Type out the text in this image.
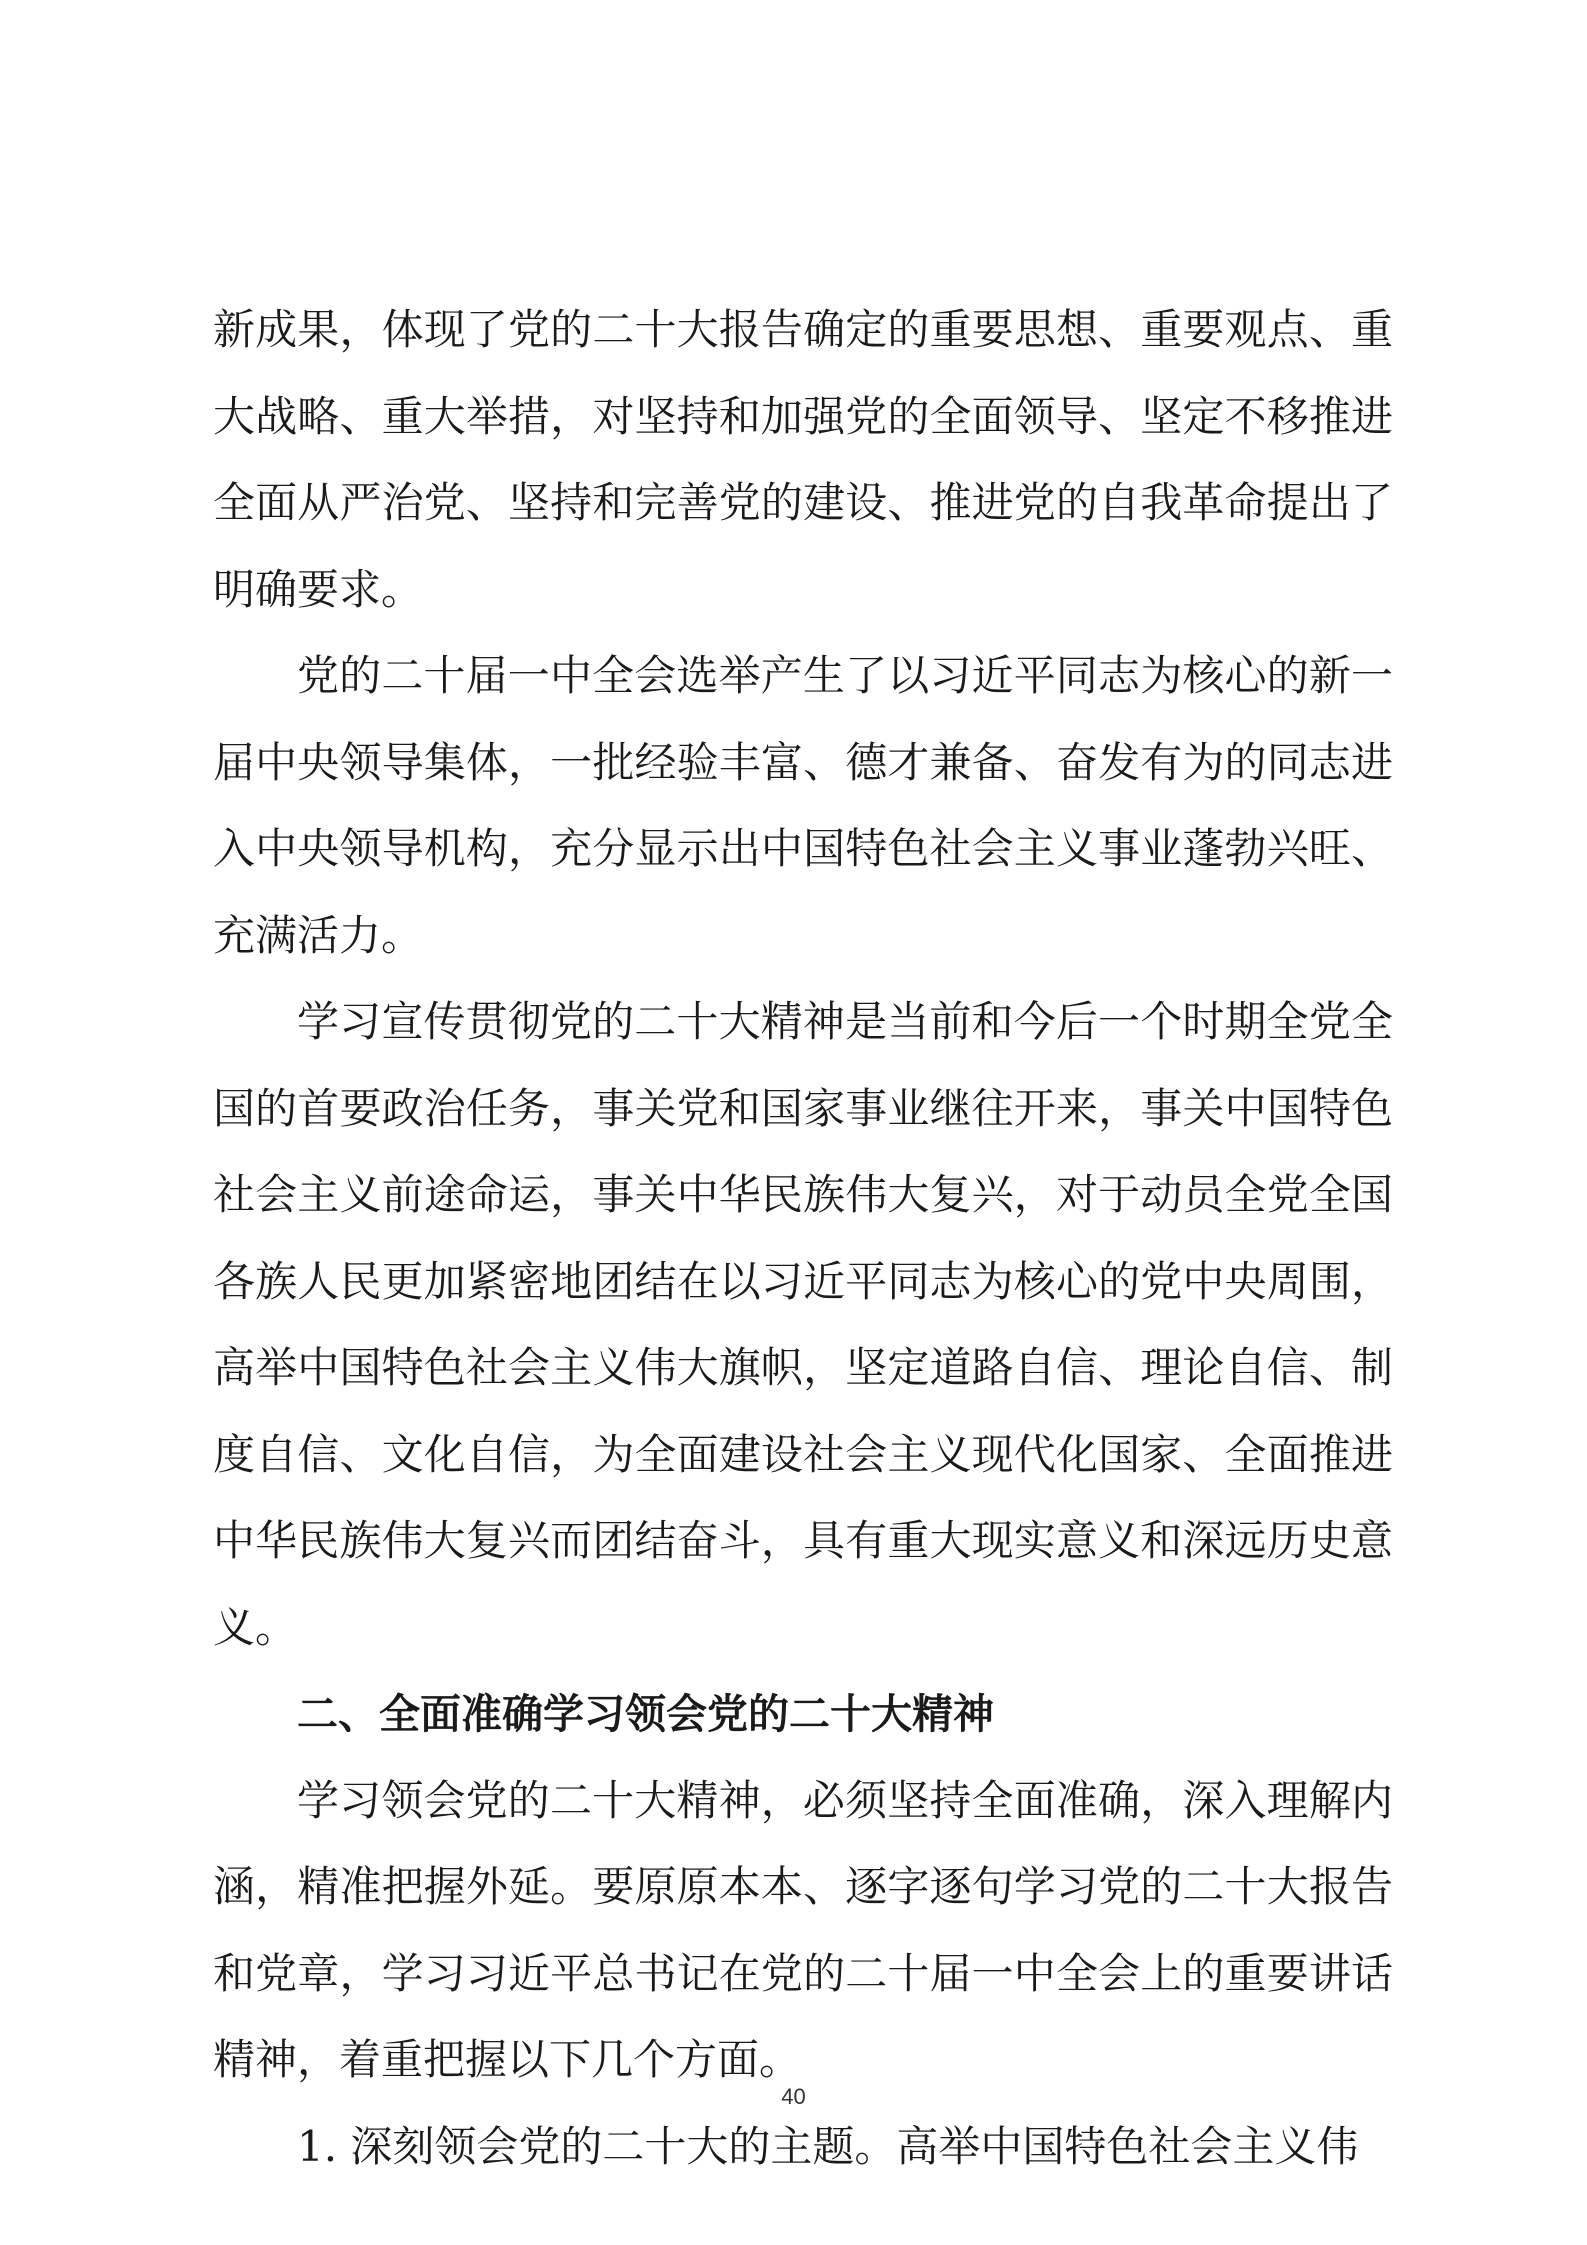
新成果，体现了党的二十大报告确定的重要思想、重要观点、重大战略、重大举措，对坚持和加强党的全面领导、坚定不移推进全面从严治党、坚持和完善党的建设、推进党的自我革命提出了明确要求。

党的二十届一中全会选举产生了以习近平同志为核心的新一届中央领导集体，一批经验丰富、德才兼备、奋发有为的同志进入中央领导机构，充分显示出中国特色社会主义事业蓬勃兴旺、充满活力。

学习宣传贯彻党的二十大精神是当前和今后一个时期全党全国的首要政治任务，事关党和国家事业继往开来，事关中国特色社会主义前途命运，事关中华民族伟大复兴，对于动员全党全国各族人民更加紧密地团结在以习近平同志为核心的党中央周围，高举中国特色社会主义伟大旗帜，坚定道路自信、理论自信、制度自信、文化自信，为全面建设社会主义现代化国家、全面推进中华民族伟大复兴而团结奋斗，具有重大现实意义和深远历史意义。

二、全面准确学习领会党的二十大精神

学习领会党的二十大精神，必须坚持全面准确，深入理解内涵，精准把握外延。要原原本本、逐字逐句学习党的二十大报告和党章，学习习近平总书记在党的二十届一中全会上的重要讲话精神，着重把握以下几个方面。

1. 深刻领会党的二十大的主题。高举中国特色社会主义伟

40
